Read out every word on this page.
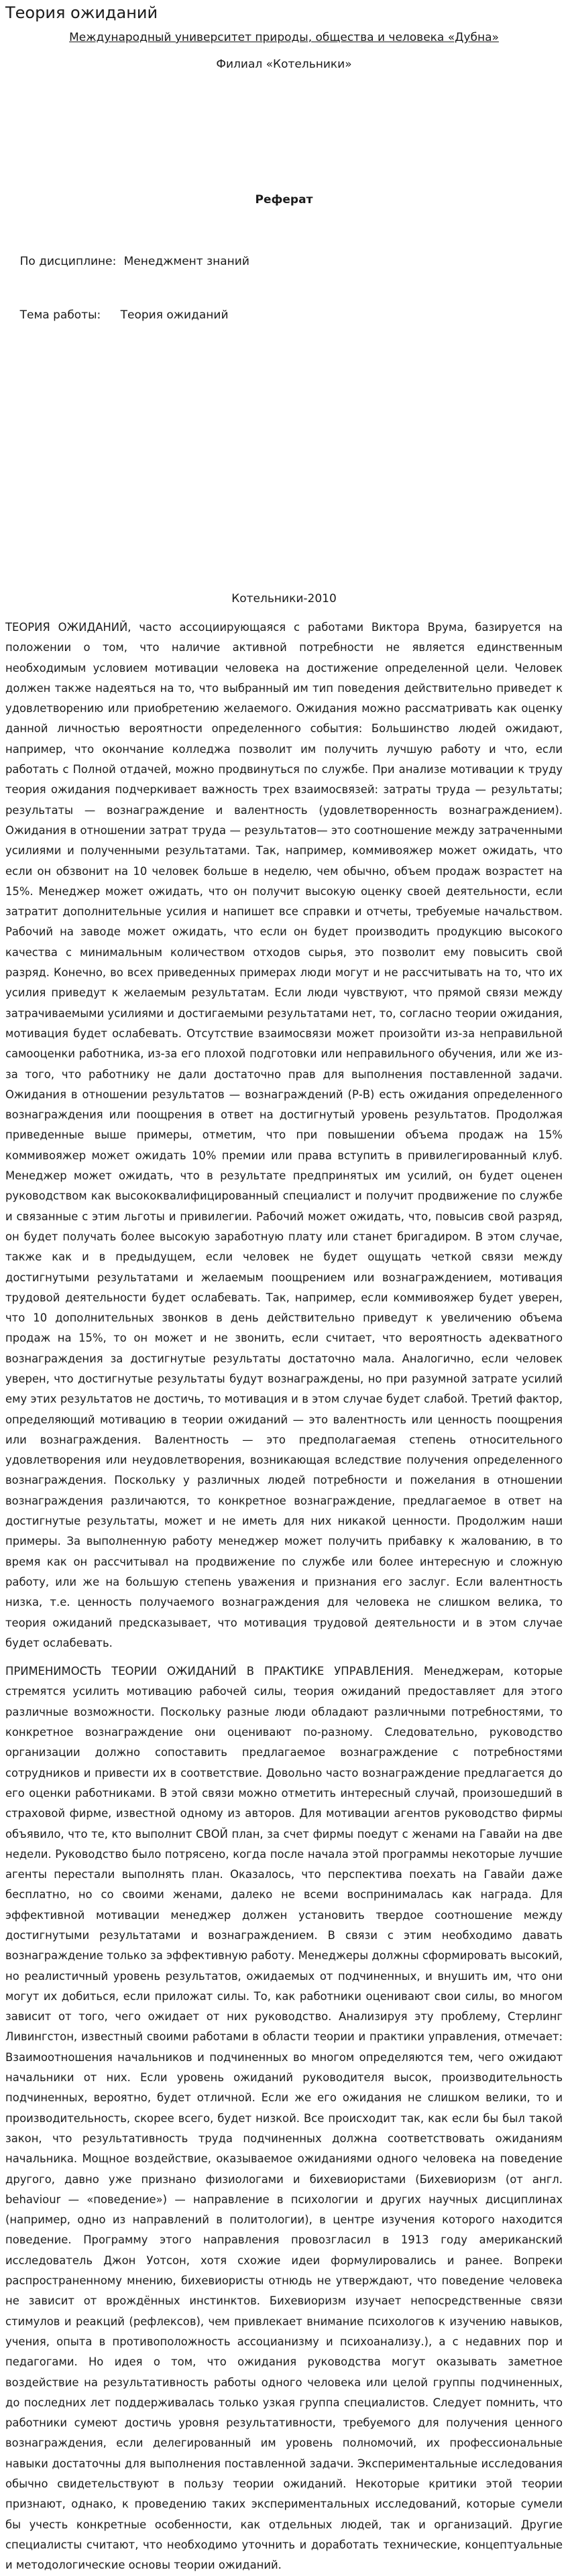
Теория ожиданий
Международный университет природы, общества и человека «Дубна»
Филиал «Котельники»
Реферат

По дисциплине: Менеджмент знаний

Тема работы: Теория ожиданий

Котельники-2010

ТЕОРИЯ ОЖИДАНИЙ, часто ассоциирующаяся с работами Виктора Врума, базируется на положении о том, что наличие активной потребности не является единственным необходимым условием мотивации человека на достижение определенной цели. Человек должен также надеяться на то, что выбранный им тип поведения действительно приведет к удовлетворению или приобретению желаемого. Ожидания можно рассматривать как оценку данной личностью вероятности определенного события: Большинство людей ожидают, например, что окончание колледжа позволит им получить лучшую работу и что, если работать с Полной отдачей, можно продвинуться по службе. При анализе мотивации к труду теория ожидания подчеркивает важность трех взаимосвязей: затраты труда — результаты; результаты — вознаграждение и валентность (удовлетворенность вознаграждением). Ожидания в отношении затрат труда — результатов— это соотношение между затраченными усилиями и полученными результатами. Так, например, коммивояжер может ожидать, что если он обзвонит на 10 человек больше в неделю, чем обычно, объем продаж возрастет на 15%. Менеджер может ожидать, что он получит высокую оценку своей деятельности, если затратит дополнительные усилия и напишет все справки и отчеты, требуемые начальством. Рабочий на заводе может ожидать, что если он будет производить продукцию высокого качества с минимальным количеством отходов сырья, это позволит ему повысить свой разряд. Конечно, во всех приведенных примерах люди могут и не рассчитывать на то, что их усилия приведут к желаемым результатам. Если люди чувствуют, что прямой связи между затрачиваемыми усилиями и достигаемыми результатами нет, то, согласно теории ожидания, мотивация будет ослабевать. Отсутствие взаимосвязи может произойти из-за неправильной самооценки работника, из-за его плохой подготовки или неправильного обучения, или же из-за того, что работнику не дали достаточно прав для выполнения поставленной задачи. Ожидания в отношении результатов — вознаграждений (Р-В) есть ожидания определенного вознаграждения или поощрения в ответ на достигнутый уровень результатов. Продолжая приведенные выше примеры, отметим, что при повышении объема продаж на 15% коммивояжер может ожидать 10% премии или права вступить в привилегированный клуб. Менеджер может ожидать, что в результате предпринятых им усилий, он будет оценен руководством как высококвалифицированный специалист и получит продвижение по службе и связанные с этим льготы и привилегии. Рабочий может ожидать, что, повысив свой разряд, он будет получать более высокую заработную плату или станет бригадиром. В этом случае, также как и в предыдущем, если человек не будет ощущать четкой связи между достигнутыми результатами и желаемым поощрением или вознаграждением, мотивация трудовой деятельности будет ослабевать. Так, например, если коммивояжер будет уверен, что 10 дополнительных звонков в день действительно приведут к увеличению объема продаж на 15%, то он может и не звонить, если считает, что вероятность адекватного вознаграждения за достигнутые результаты достаточно мала. Аналогично, если человек уверен, что достигнутые результаты будут вознаграждены, но при разумной затрате усилий ему этих результатов не достичь, то мотивация и в этом случае будет слабой. Третий фактор, определяющий мотивацию в теории ожиданий — это валентность или ценность поощрения или вознаграждения. Валентность — это предполагаемая степень относительного удовлетворения или неудовлетворения, возникающая вследствие получения определенного вознаграждения. Поскольку у различных людей потребности и пожелания в отношении вознаграждения различаются, то конкретное вознаграждение, предлагаемое в ответ на достигнутые результаты, может и не иметь для них никакой ценности. Продолжим наши примеры. За выполненную работу менеджер может получить прибавку к жалованию, в то время как он рассчитывал на продвижение по службе или более интересную и сложную работу, или же на большую степень уважения и признания его заслуг. Если валентность низка, т.е. ценность получаемого вознаграждения для человека не слишком велика, то теория ожиданий предсказывает, что мотивация трудовой деятельности и в этом случае будет ослабевать.

ПРИМЕНИМОСТЬ ТЕОРИИ ОЖИДАНИЙ В ПРАКТИКЕ УПРАВЛЕНИЯ. Менеджерам, которые стремятся усилить мотивацию рабочей силы, теория ожиданий предоставляет для этого различные возможности. Поскольку разные люди обладают различными потребностями, то конкретное вознаграждение они оценивают по-разному. Следовательно, руководство организации должно сопоставить предлагаемое вознаграждение с потребностями сотрудников и привести их в соответствие. Довольно часто вознаграждение предлагается до его оценки работниками. В этой связи можно отметить интересный случай, произошедший в страховой фирме, известной одному из авторов. Для мотивации агентов руководство фирмы объявило, что те, кто выполнит СВОЙ план, за счет фирмы поедут с женами на Гавайи на две недели. Руководство было потрясено, когда после начала этой программы некоторые лучшие агенты перестали выполнять план. Оказалось, что перспектива поехать на Гавайи даже бесплатно, но со своими женами, далеко не всеми воспринималась как награда. Для эффективной мотивации менеджер должен установить твердое соотношение между достигнутыми результатами и вознаграждением. В связи с этим необходимо давать вознаграждение только за эффективную работу. Менеджеры должны сформировать высокий, но реалистичный уровень результатов, ожидаемых от подчиненных, и внушить им, что они могут их добиться, если приложат силы. То, как работники оценивают свои силы, во многом зависит от того, чего ожидает от них руководство. Анализируя эту проблему, Стерлинг Ливингстон, известный своими работами в области теории и практики управления, отмечает: Взаимоотношения начальников и подчиненных во многом определяются тем, чего ожидают начальники от них. Если уровень ожиданий руководителя высок, производительность подчиненных, вероятно, будет отличной. Если же его ожидания не слишком велики, то и производительность, скорее всего, будет низкой. Все происходит так, как если бы был такой закон, что результативность труда подчиненных должна соответствовать ожиданиям начальника. Мощное воздействие, оказываемое ожиданиями одного человека на поведение другого, давно уже признано физиологами и бихевиористами (Бихевиоризм (от англ. behaviour — «поведение») — направление в психологии и других научных дисциплинах (например, одно из направлений в политологии), в центре изучения которого находится поведение. Программу этого направления провозгласил в 1913 году американский исследователь Джон Уотсон, хотя схожие идеи формулировались и ранее. Вопреки распространенному мнению, бихевиористы отнюдь не утверждают, что поведение человека не зависит от врождённых инстинктов. Бихевиоризм изучает непосредственные связи стимулов и реакций (рефлексов), чем привлекает внимание психологов к изучению навыков, учения, опыта в противоположность ассоцианизму и психоанализу.), а с недавних пор и педагогами. Но идея о том, что ожидания руководства могут оказывать заметное воздействие на результативность работы одного человека или целой группы подчиненных, до последних лет поддерживалась только узкая группа специалистов. Следует помнить, что работники сумеют достичь уровня результативности, требуемого для получения ценного вознаграждения, если делегированный им уровень полномочий, их профессиональные навыки достаточны для выполнения поставленной задачи. Экспериментальные исследования обычно свидетельствуют в пользу теории ожиданий. Некоторые критики этой теории признают, однако, к проведению таких экспериментальных исследований, которые сумели бы учесть конкретные особенности, как отдельных людей, так и организаций. Другие специалисты считают, что необходимо уточнить и доработать технические, концептуальные и методологические основы теории ожиданий.
